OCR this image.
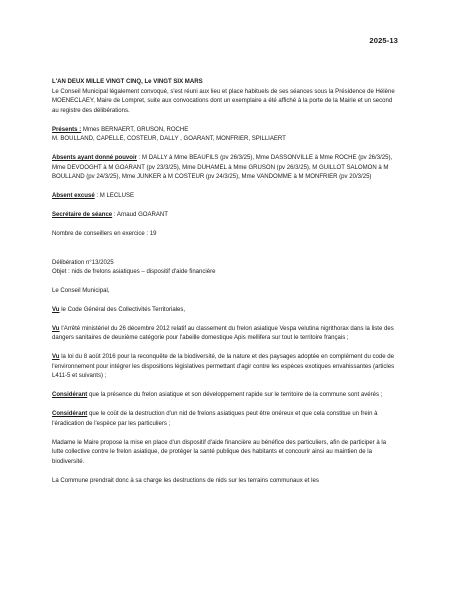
2025-13

L'AN DEUX MILLE VINGT CINQ, Le VINGT SIX MARS
Le Conseil Municipal légalement convoqué, s'est réuni aux lieu et place habituels de ses séances sous la Présidence de Hélène MOENECLAEY, Maire de Lompret, suite aux convocations dont un exemplaire a été affiché à la porte de la Mairie et un second au registre des délibérations.

Présents : Mmes BERNAERT, GRUSON, ROCHE
M. BOULLAND, CAPELLE, COSTEUR, DALLY , GOARANT, MONFRIER, SPILLIAERT

Absents ayant donné pouvoir : M DALLY à Mme BEAUFILS (pv 26/3/25), Mme DASSONVILLE à Mme ROCHE (pv 26/3/25), Mme DEVOOGHT à M GOARANT (pv 23/3/25), Mme DUHAMEL à Mme GRUSON (pv 26/3/25), M GUILLOT SALOMON à M BOULLAND (pv 24/3/25), Mme JUNKER à M COSTEUR (pv 24/3/25), Mme VANDOMME à M MONFRIER (pv 20/3/25)

Absent excusé : M LECLUSE

Secrétaire de séance : Arnaud GOARANT

Nombre de conseillers en exercice : 19

Délibération n°13/2025
Objet : nids de frelons asiatiques – dispositif d'aide financière

Le Conseil Municipal,

Vu le Code Général des Collectivités Territoriales,

Vu l'Arrêté ministériel du 26 décembre 2012 relatif au classement du frelon asiatique Vespa velutina nigrithorax dans la liste des dangers sanitaires de deuxième catégorie pour l'abeille domestique Apis mellifera sur tout le territoire français ;

Vu la loi du 8 août 2016 pour la reconquête de la biodiversité, de la nature et des paysages adoptée en complément du code de l'environnement pour intégrer les dispositions législatives permettant d'agir contre les espèces exotiques envahissantes (articles L411-5 et suivants) ;

Considérant que la présence du frelon asiatique et son développement rapide sur le territoire de la commune sont avérés ;

Considérant que le coût de la destruction d'un nid de frelons asiatiques peut être onéreux et que cela constitue un frein à l'éradication de l'espèce par les particuliers ;

Madame le Maire propose la mise en place d'un dispositif d'aide financière au bénéfice des particuliers, afin de participer à la lutte collective contre le frelon asiatique, de protéger la santé publique des habitants et concourir ainsi au maintien de la biodiversité.

La Commune prendrait donc à sa charge les destructions de nids sur les terrains communaux et les
